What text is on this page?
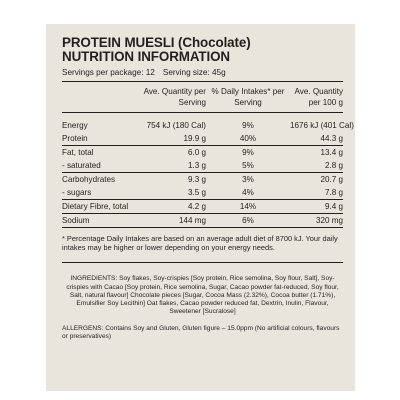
PROTEIN MUESLI (Chocolate)
NUTRITION INFORMATION
Servings per package: 12 Serving size: 45g
	Ave. Quantity per Serving	% Daily Intakes* per Serving	Ave. Quantity per 100 g
Energy	754 kJ (180 Cal)	9%	1676 kJ (401 Cal)
Protein	19.9 g	40%	44.3 g
Fat, total	6.0 g	9%	13.4 g
- saturated	1.3 g	5%	2.8 g
Carbohydrates	9.3 g	3%	20.7 g
- sugars	3.5 g	4%	7.8 g
Dietary Fibre, total	4.2 g	14%	9.4 g
Sodium	144 mg	6%	320 mg
* Percentage Daily Intakes are based on an average adult diet of 8700 kJ. Your daily intakes may be higher or lower depending on your energy needs.
INGREDIENTS: Soy flakes, Soy-crispies [Soy protein, Rice semolina, Soy flour, Salt], Soy-crispies with Cacao [Soy protein, Rice semolina, Sugar, Cacao powder fat-reduced, Soy flour, Salt, natural flavour] Chocolate pieces [Sugar, Cocoa Mass (2.32%), Cocoa butter (1.71%), Emulsifier Soy Lecithin] Oat flakes, Cacao powder reduced fat, Dextrin, Inulin, Flavour, Sweetener [Sucralose]
ALLERGENS: Contains Soy and Gluten, Gluten figure – 15.0ppm (No artificial colours, flavours or preservatives)
